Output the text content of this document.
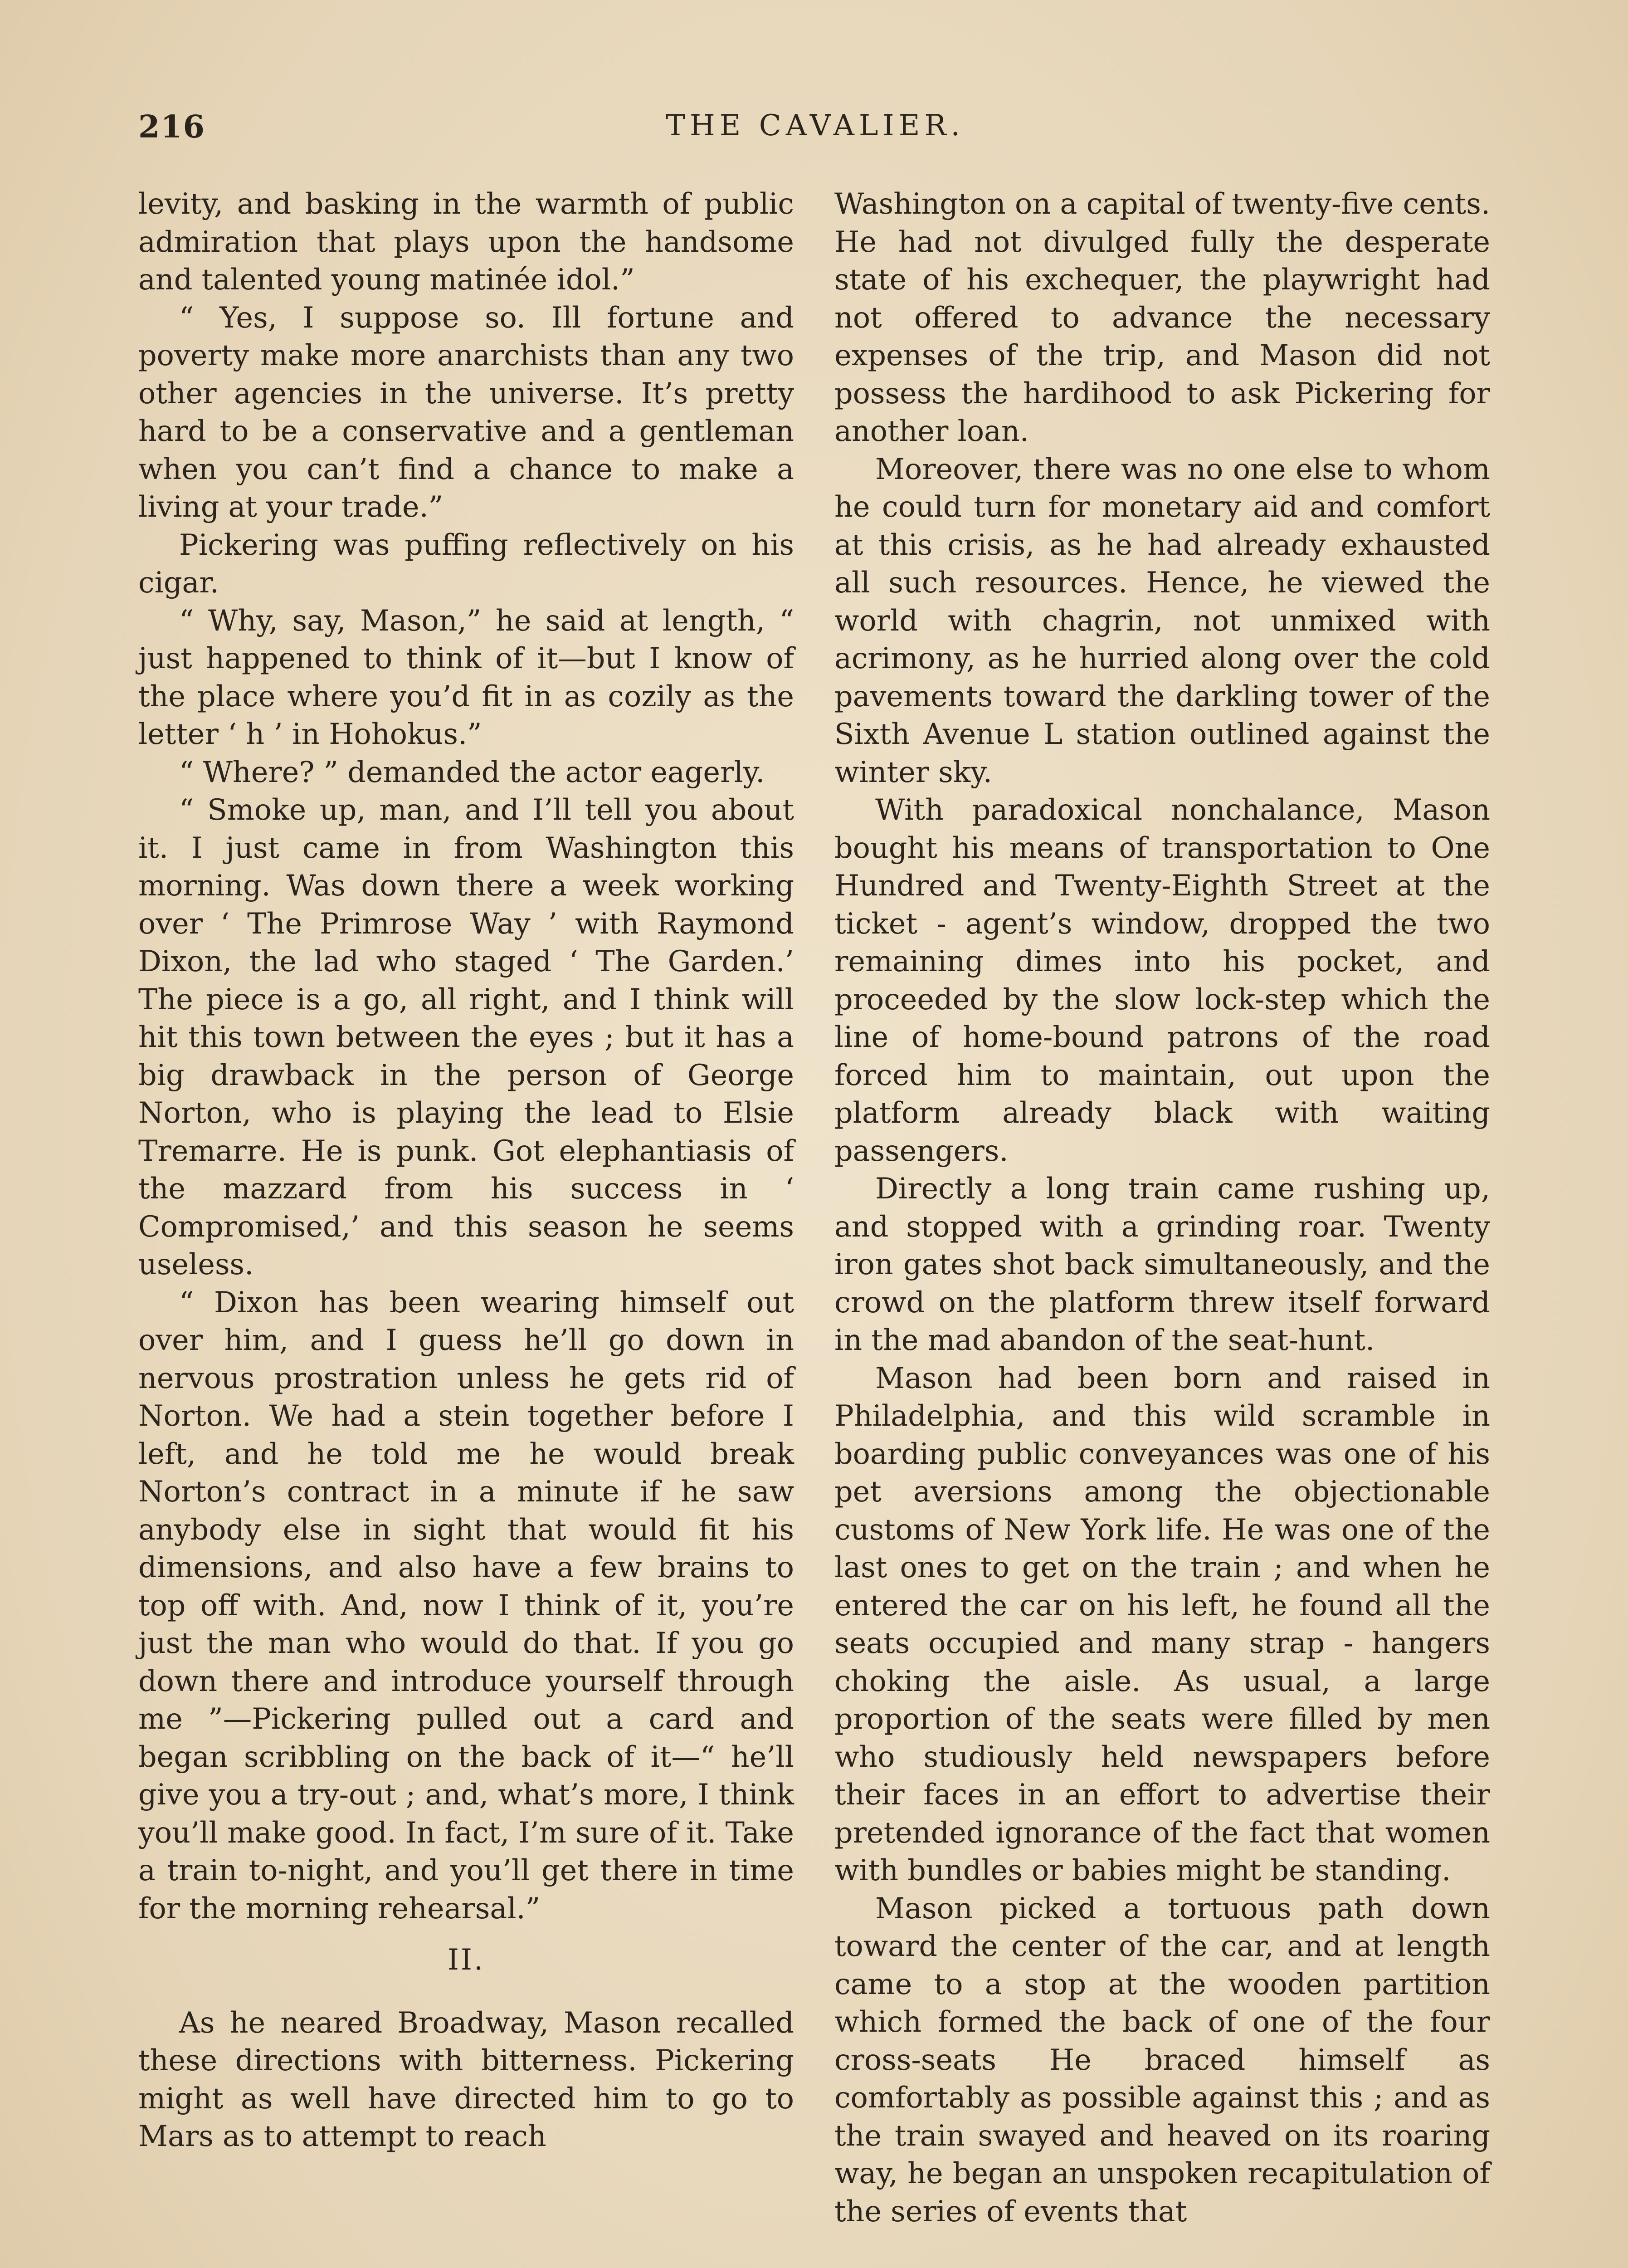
216	THE CAVALIER.

levity, and basking in the warmth of public admiration that plays upon the handsome and talented young matinée idol.”

“ Yes, I suppose so. Ill fortune and poverty make more anarchists than any two other agencies in the universe. It’s pretty hard to be a conservative and a gentleman when you can’t find a chance to make a living at your trade.”

Pickering was puffing reflectively on his cigar.

“ Why, say, Mason,” he said at length, “ just happened to think of it—but I know of the place where you’d fit in as cozily as the letter ‘ h ’ in Hohokus.”

“ Where? ” demanded the actor eagerly.

“ Smoke up, man, and I’ll tell you about it. I just came in from Washington this morning. Was down there a week working over ‘ The Primrose Way ’ with Raymond Dixon, the lad who staged ‘ The Garden.’ The piece is a go, all right, and I think will hit this town between the eyes ; but it has a big drawback in the person of George Norton, who is playing the lead to Elsie Tremarre. He is punk. Got elephantiasis of the mazzard from his success in ‘ Compromised,’ and this season he seems useless.

“ Dixon has been wearing himself out over him, and I guess he’ll go down in nervous prostration unless he gets rid of Norton. We had a stein together before I left, and he told me he would break Norton’s contract in a minute if he saw anybody else in sight that would fit his dimensions, and also have a few brains to top off with. And, now I think of it, you’re just the man who would do that. If you go down there and introduce yourself through me ”—Pickering pulled out a card and began scribbling on the back of it—“ he’ll give you a try-out ; and, what’s more, I think you’ll make good. In fact, I’m sure of it. Take a train to-night, and you’ll get there in time for the morning rehearsal.”

II.

As he neared Broadway, Mason recalled these directions with bitterness. Pickering might as well have directed him to go to Mars as to attempt to reach

Washington on a capital of twenty-five cents. He had not divulged fully the desperate state of his exchequer, the playwright had not offered to advance the necessary expenses of the trip, and Mason did not possess the hardihood to ask Pickering for another loan.

Moreover, there was no one else to whom he could turn for monetary aid and comfort at this crisis, as he had already exhausted all such resources. Hence, he viewed the world with chagrin, not unmixed with acrimony, as he hurried along over the cold pavements toward the darkling tower of the Sixth Avenue L station outlined against the winter sky.

With paradoxical nonchalance, Mason bought his means of transportation to One Hundred and Twenty-Eighth Street at the ticket - agent’s window, dropped the two remaining dimes into his pocket, and proceeded by the slow lock-step which the line of home-bound patrons of the road forced him to maintain, out upon the platform already black with waiting passengers.

Directly a long train came rushing up, and stopped with a grinding roar. Twenty iron gates shot back simultaneously, and the crowd on the platform threw itself forward in the mad abandon of the seat-hunt.

Mason had been born and raised in Philadelphia, and this wild scramble in boarding public conveyances was one of his pet aversions among the objectionable customs of New York life. He was one of the last ones to get on the train ; and when he entered the car on his left, he found all the seats occupied and many strap - hangers choking the aisle. As usual, a large proportion of the seats were filled by men who studiously held newspapers before their faces in an effort to advertise their pretended ignorance of the fact that women with bundles or babies might be standing.

Mason picked a tortuous path down toward the center of the car, and at length came to a stop at the wooden partition which formed the back of one of the four cross-seats He braced himself as comfortably as possible against this ; and as the train swayed and heaved on its roaring way, he began an unspoken recapitulation of the series of events that
